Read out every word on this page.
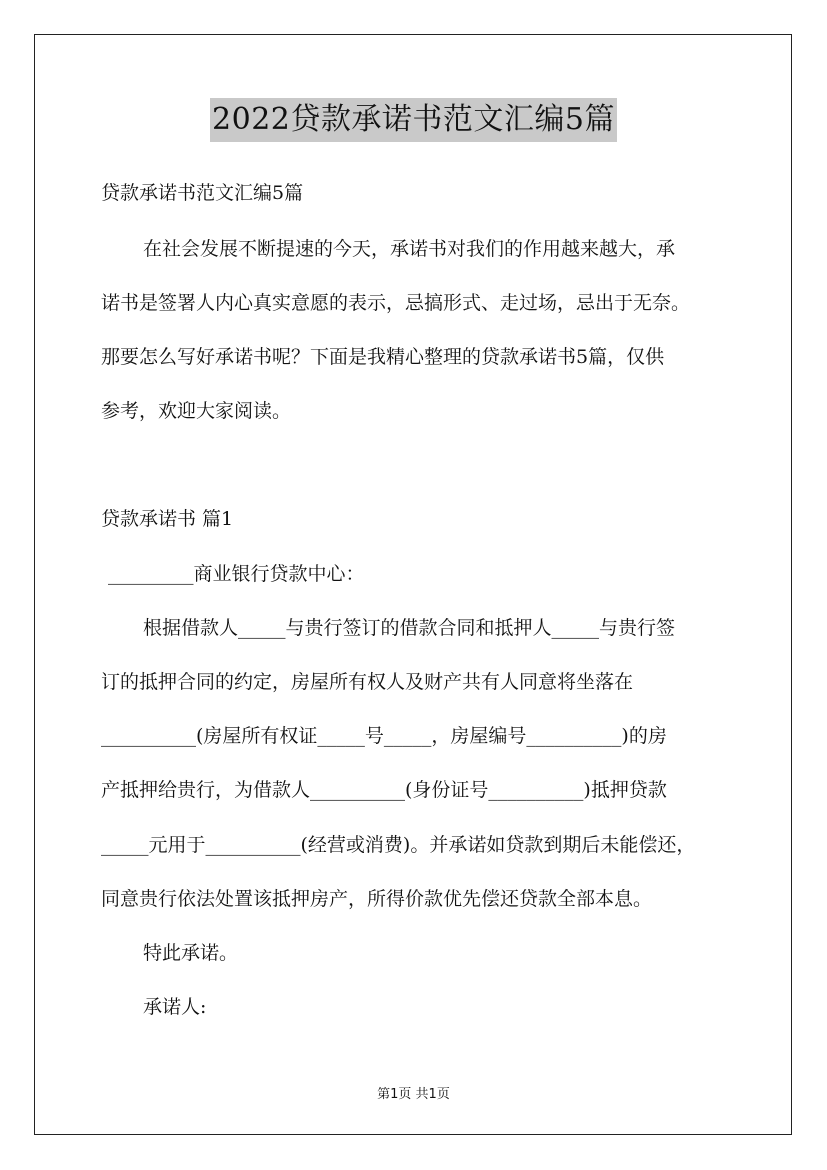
2022贷款承诺书范文汇编5篇
贷款承诺书范文汇编5篇
在社会发展不断提速的今天，承诺书对我们的作用越来越大，承
诺书是签署人内心真实意愿的表示，忌搞形式、走过场，忌出于无奈。
那要怎么写好承诺书呢？下面是我精心整理的贷款承诺书5篇，仅供
参考，欢迎大家阅读。
贷款承诺书 篇1
_________商业银行贷款中心：
根据借款人_____与贵行签订的借款合同和抵押人_____与贵行签
订的抵押合同的约定，房屋所有权人及财产共有人同意将坐落在
__________(房屋所有权证_____号_____，房屋编号__________)的房
产抵押给贵行，为借款人__________(身份证号__________)抵押贷款
_____元用于__________(经营或消费)。并承诺如贷款到期后未能偿还，
同意贵行依法处置该抵押房产，所得价款优先偿还贷款全部本息。
特此承诺。
承诺人:
第1页 共1页
